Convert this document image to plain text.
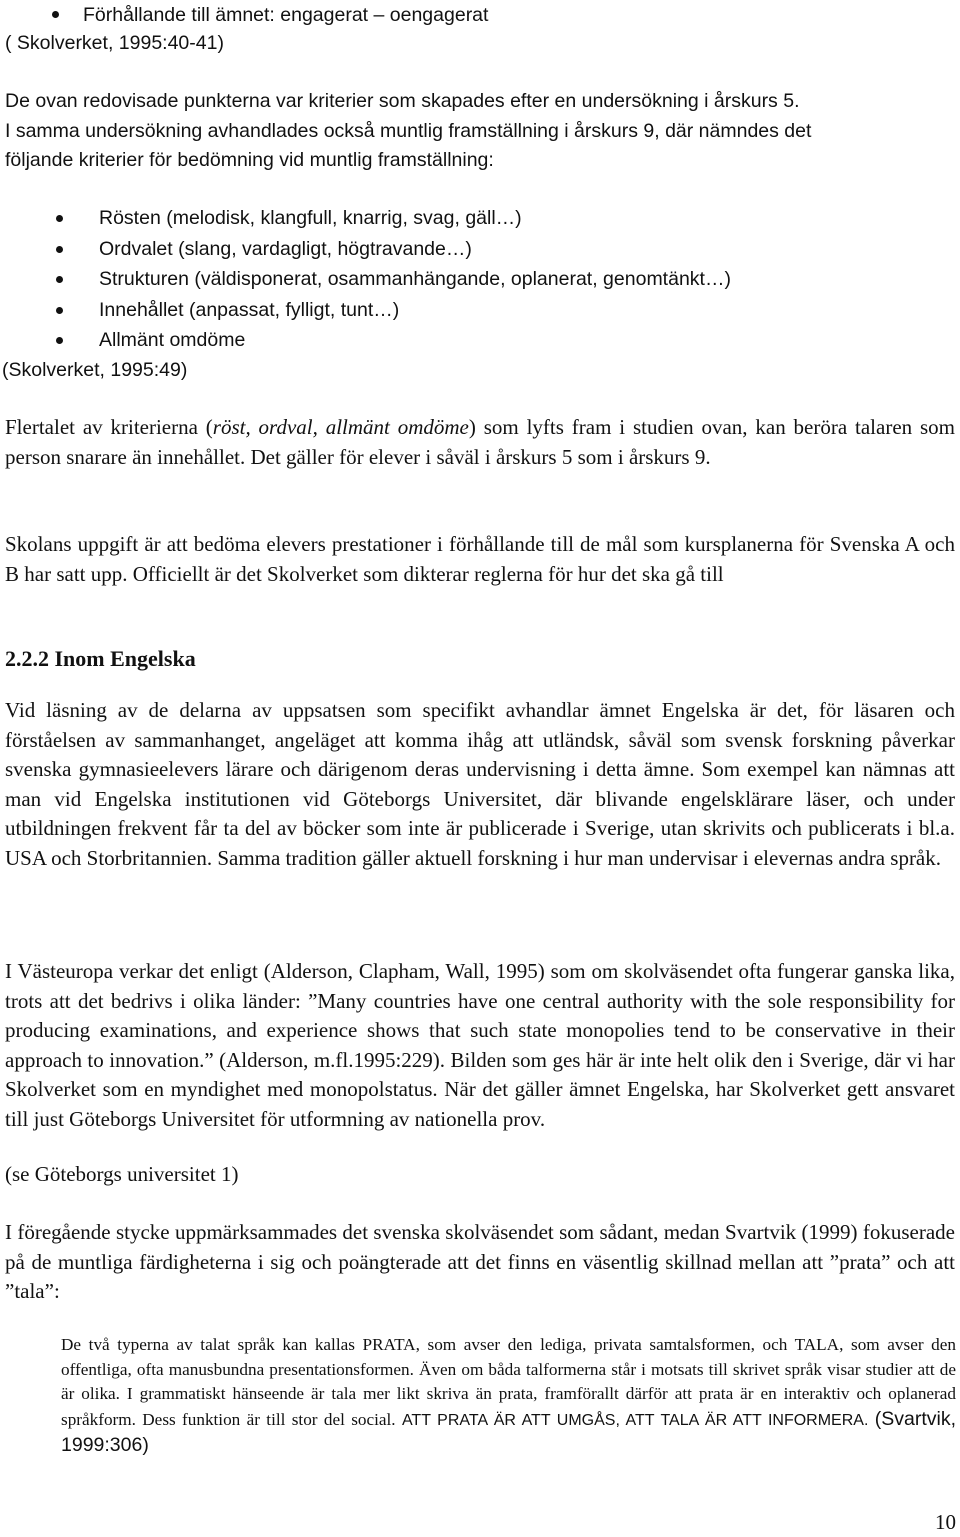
Förhållande till ämnet: engagerat – oengagerat

( Skolverket, 1995:40-41)

De ovan redovisade punkterna var kriterier som skapades efter en undersökning i årskurs 5.

I samma undersökning avhandlades också muntlig framställning i årskurs 9, där nämndes det

följande kriterier för bedömning vid muntlig framställning:

Rösten (melodisk, klangfull, knarrig, svag, gäll…)
Ordvalet (slang, vardagligt, högtravande…)
Strukturen (väldisponerat, osammanhängande, oplanerat, genomtänkt…)
Innehållet (anpassat, fylligt, tunt…)
Allmänt omdöme

(Skolverket, 1995:49)

Flertalet av kriterierna (röst, ordval, allmänt omdöme) som lyfts fram i studien ovan, kan beröra talaren som person snarare än innehållet. Det gäller för elever i såväl i årskurs 5 som i årskurs 9.

Skolans uppgift är att bedöma elevers prestationer i förhållande till de mål som kursplanerna för Svenska A och B har satt upp. Officiellt är det Skolverket som dikterar reglerna för hur det ska gå till

2.2.2 Inom Engelska

Vid läsning av de delarna av uppsatsen som specifikt avhandlar ämnet Engelska är det, för läsaren och förståelsen av sammanhanget, angeläget att komma ihåg att utländsk, såväl som svensk forskning påverkar svenska gymnasieelevers lärare och därigenom deras undervisning i detta ämne. Som exempel kan nämnas att man vid Engelska institutionen vid Göteborgs Universitet, där blivande engelsklärare läser, och under utbildningen frekvent får ta del av böcker som inte är publicerade i Sverige, utan skrivits och publicerats i bl.a. USA och Storbritannien. Samma tradition gäller aktuell forskning i hur man undervisar i elevernas andra språk.

I Västeuropa verkar det enligt (Alderson, Clapham, Wall, 1995) som om skolväsendet ofta fungerar ganska lika, trots att det bedrivs i olika länder: ”Many countries have one central authority with the sole responsibility for producing examinations, and experience shows that such state monopolies tend to be conservative in their approach to innovation.” (Alderson, m.fl.1995:229). Bilden som ges här är inte helt olik den i Sverige, där vi har Skolverket som en myndighet med monopolstatus. När det gäller ämnet Engelska, har Skolverket gett ansvaret till just Göteborgs Universitet för utformning av nationella prov.

(se Göteborgs universitet 1)

I föregående stycke uppmärksammades det svenska skolväsendet som sådant, medan Svartvik (1999) fokuserade på de muntliga färdigheterna i sig och poängterade att det finns en väsentlig skillnad mellan att ”prata” och att ”tala”:

De två typerna av talat språk kan kallas PRATA, som avser den lediga, privata samtalsformen, och TALA, som avser den offentliga, ofta manusbundna presentationsformen. Även om båda talformerna står i motsats till skrivet språk visar studier att de är olika. I grammatiskt hänseende är tala mer likt skriva än prata, framförallt därför att prata är en interaktiv och oplanerad språkform. Dess funktion är till stor del social. ATT PRATA ÄR ATT UMGÅS, ATT TALA ÄR ATT INFORMERA. (Svartvik, 1999:306)

10
